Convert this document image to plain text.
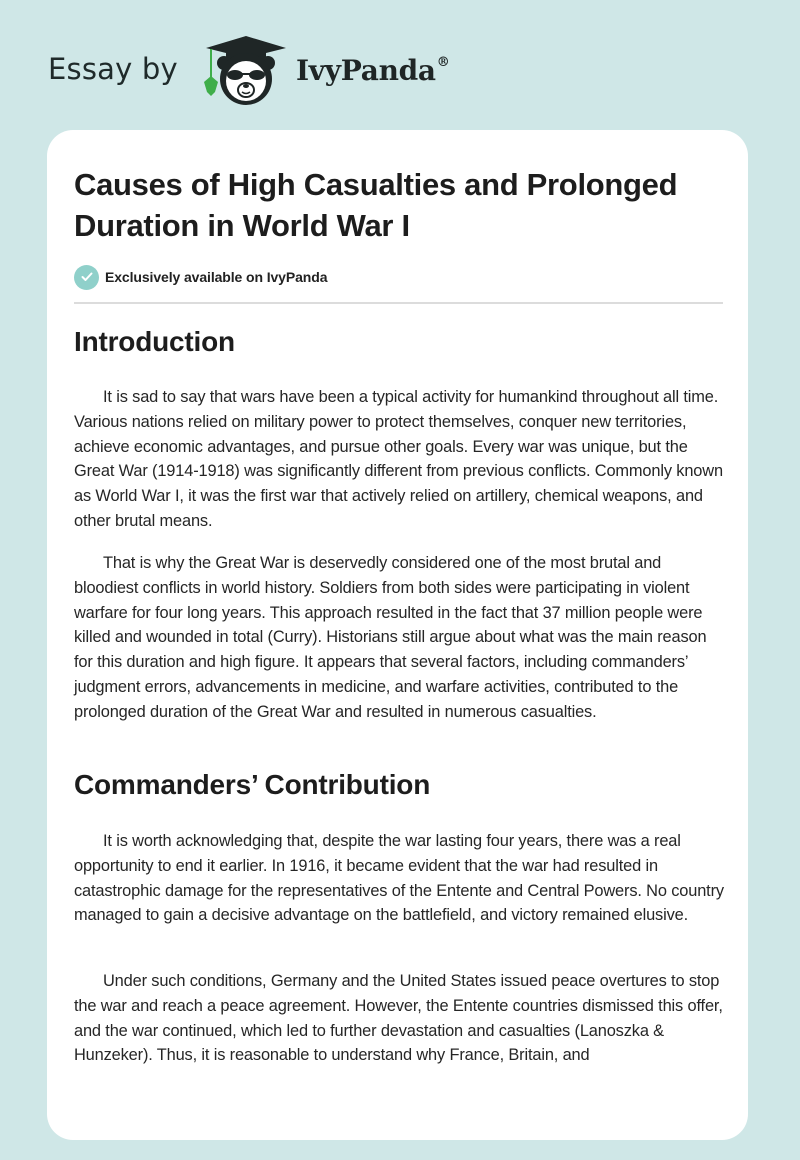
Essay by	IvyPanda®
Causes of High Casualties and Prolonged Duration in World War I
Exclusively available on IvyPanda
Introduction

It is sad to say that wars have been a typical activity for humankind throughout all time. Various nations relied on military power to protect themselves, conquer new territories, achieve economic advantages, and pursue other goals. Every war was unique, but the Great War (1914-1918) was significantly different from previous conflicts. Commonly known as World War I, it was the first war that actively relied on artillery, chemical weapons, and other brutal means.

That is why the Great War is deservedly considered one of the most brutal and bloodiest conflicts in world history. Soldiers from both sides were participating in violent warfare for four long years. This approach resulted in the fact that 37 million people were killed and wounded in total (Curry). Historians still argue about what was the main reason for this duration and high figure. It appears that several factors, including commanders’ judgment errors, advancements in medicine, and warfare activities, contributed to the prolonged duration of the Great War and resulted in numerous casualties.

Commanders’ Contribution

It is worth acknowledging that, despite the war lasting four years, there was a real opportunity to end it earlier. In 1916, it became evident that the war had resulted in catastrophic damage for the representatives of the Entente and Central Powers. No country managed to gain a decisive advantage on the battlefield, and victory remained elusive.

Under such conditions, Germany and the United States issued peace overtures to stop the war and reach a peace agreement. However, the Entente countries dismissed this offer, and the war continued, which led to further devastation and casualties (Lanoszka & Hunzeker). Thus, it is reasonable to understand why France, Britain, and
